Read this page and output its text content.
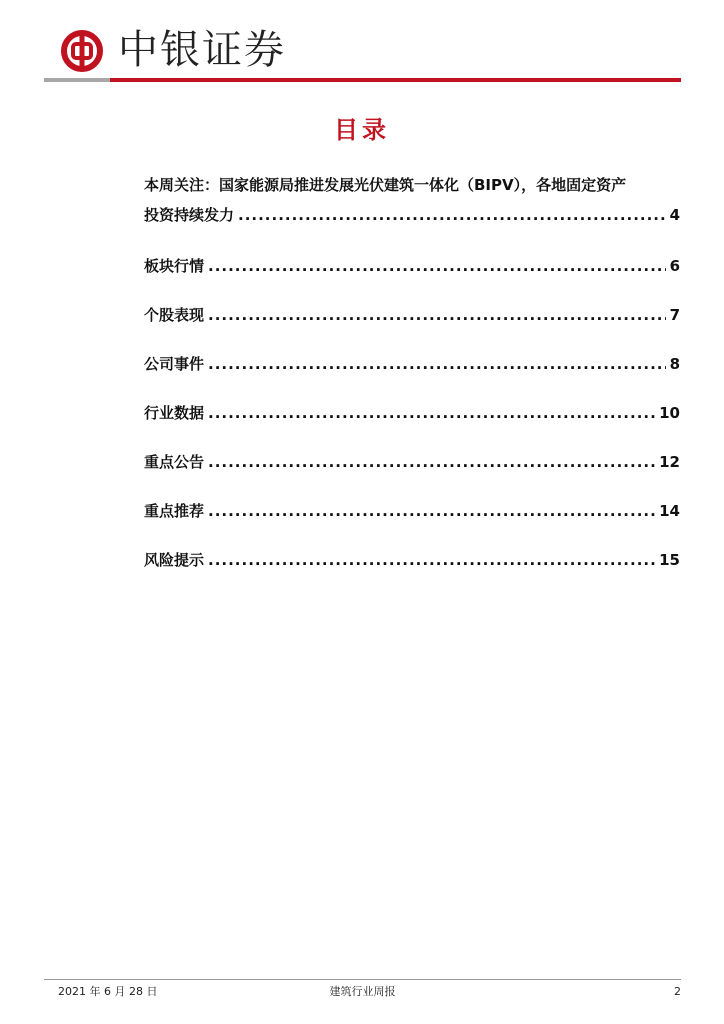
中银证券
目录
本周关注：国家能源局推进发展光伏建筑一体化（BIPV），各地固定资产
投资持续发力 .....	4
板块行情 .....	6
个股表现 .....	7
公司事件 .....	8
行业数据 .....	10
重点公告 .....	12
重点推荐 .....	14
风险提示 .....	15
2021 年 6 月 28 日	建筑行业周报	2
